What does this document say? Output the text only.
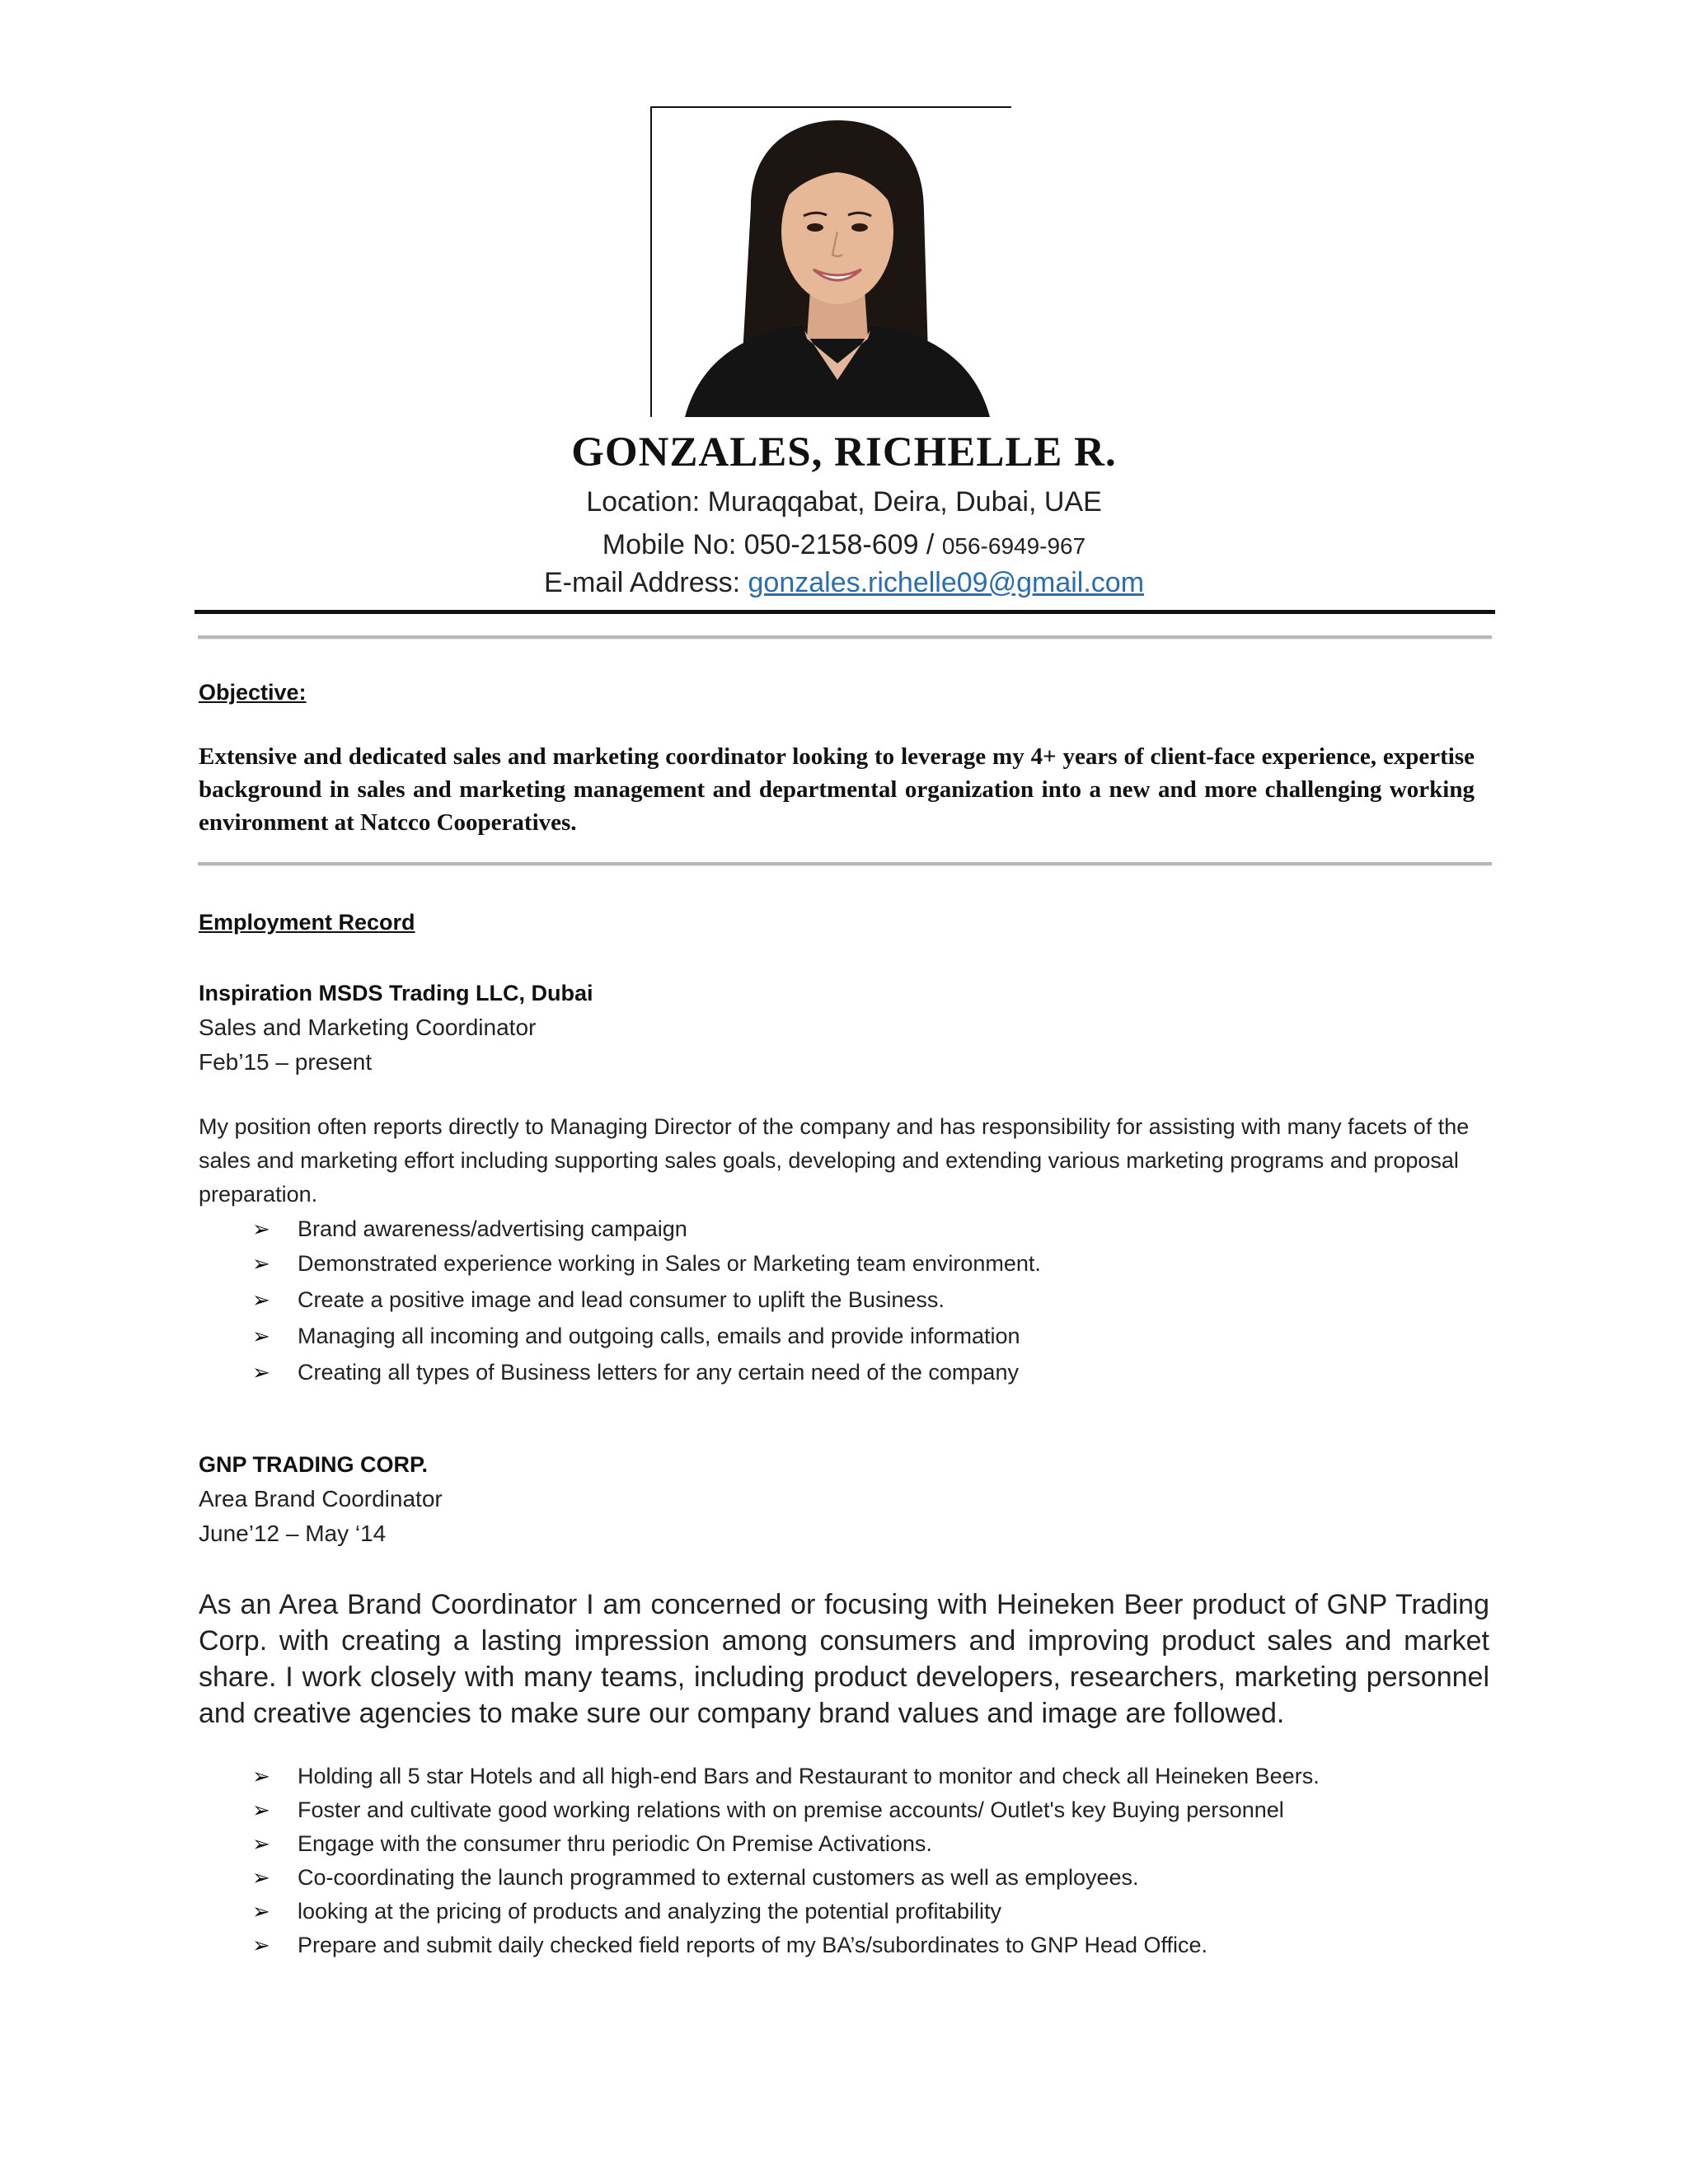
GONZALES, RICHELLE R.
Location: Muraqqabat, Deira, Dubai, UAE
Mobile No: 050-2158-609 / 056-6949-967
E-mail Address: gonzales.richelle09@gmail.com
Objective:
Extensive and dedicated sales and marketing coordinator looking to leverage my 4+ years of client-face experience, expertise background in sales and marketing management and departmental organization into a new and more challenging working environment at Natcco Cooperatives.
Employment Record
Inspiration MSDS Trading LLC, Dubai
Sales and Marketing Coordinator
Feb’15 – present
My position often reports directly to Managing Director of the company and has responsibility for assisting with many facets of the sales and marketing effort including supporting sales goals, developing and extending various marketing programs and proposal preparation.
➢ Brand awareness/advertising campaign
➢ Demonstrated experience working in Sales or Marketing team environment.
➢ Create a positive image and lead consumer to uplift the Business.
➢ Managing all incoming and outgoing calls, emails and provide information
➢ Creating all types of Business letters for any certain need of the company
GNP TRADING CORP.
Area Brand Coordinator
June’12 – May ‘14
As an Area Brand Coordinator I am concerned or focusing with Heineken Beer product of GNP Trading Corp. with creating a lasting impression among consumers and improving product sales and market share. I work closely with many teams, including product developers, researchers, marketing personnel and creative agencies to make sure our company brand values and image are followed.
➢ Holding all 5 star Hotels and all high-end Bars and Restaurant to monitor and check all Heineken Beers.
➢ Foster and cultivate good working relations with on premise accounts/ Outlet's key Buying personnel
➢ Engage with the consumer thru periodic On Premise Activations.
➢ Co-coordinating the launch programmed to external customers as well as employees.
➢ looking at the pricing of products and analyzing the potential profitability
➢ Prepare and submit daily checked field reports of my BA’s/subordinates to GNP Head Office.
